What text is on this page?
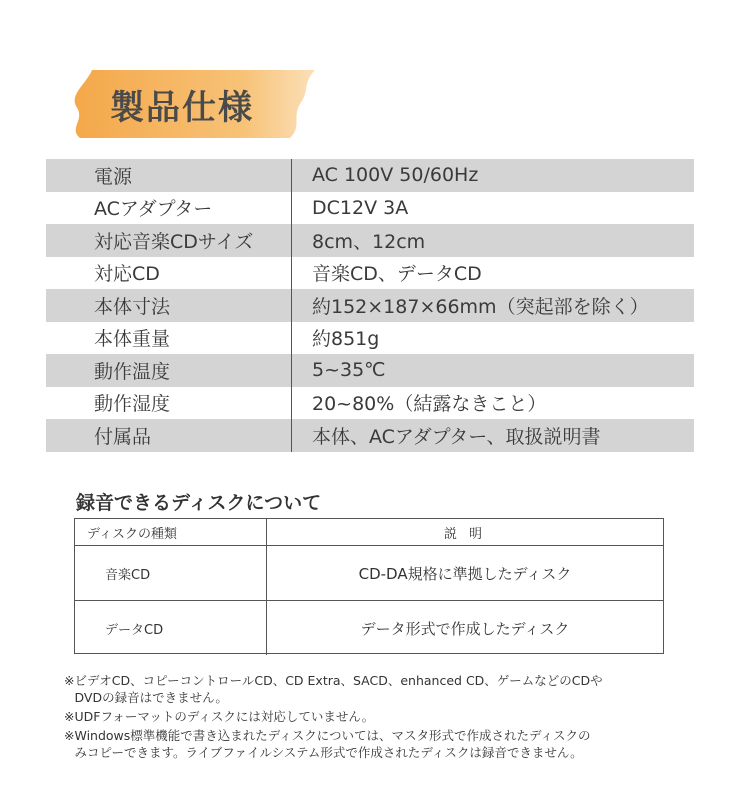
製品仕様
電源	AC 100V 50/60Hz
ACアダプター	DC12V 3A
対応音楽CDサイズ	8cm、12cm
対応CD	音楽CD、データCD
本体寸法	約152×187×66mm（突起部を除く）
本体重量	約851g
動作温度	5~35℃
動作湿度	20~80%（結露なきこと）
付属品	本体、ACアダプター、取扱説明書
録音できるディスクについて
ディスクの種類	説 明
音楽CD	CD-DA規格に準拠したディスク
データCD	データ形式で作成したディスク
※ ビデオCD、コピーコントロールCD、CD Extra、SACD、enhanced CD、ゲームなどのCDや
DVDの録音はできません。
※ UDFフォーマットのディスクには対応していません。
※ Windows標準機能で書き込まれたディスクについては、マスタ形式で作成されたディスクの
みコピーできます。ライブファイルシステム形式で作成されたディスクは録音できません。
